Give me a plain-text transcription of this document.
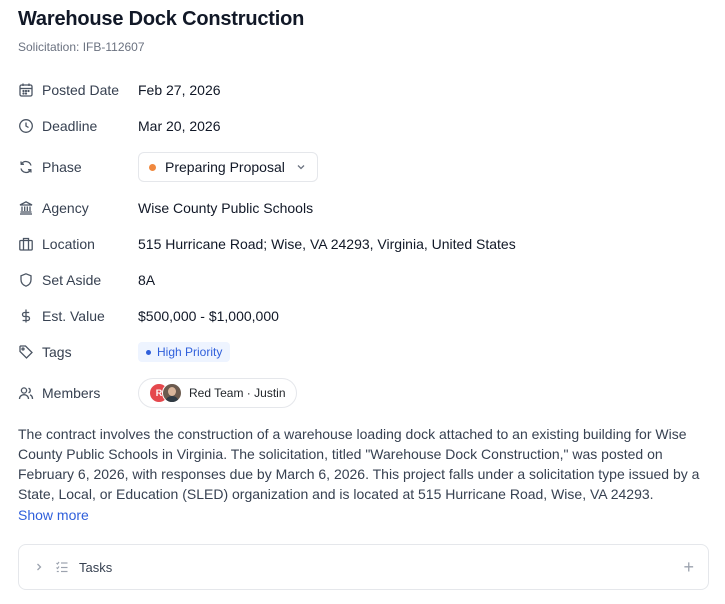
Warehouse Dock Construction
Solicitation: IFB-112607
Posted Date	Feb 27, 2026
Deadline	Mar 20, 2026
Phase	Preparing Proposal
Agency	Wise County Public Schools
Location	515 Hurricane Road; Wise, VA 24293, Virginia, United States
Set Aside	8A
Est. Value	$500,000 - $1,000,000
Tags	High Priority
Members	R	Red Team · Justin
The contract involves the construction of a warehouse loading dock attached to an existing building for Wise County Public Schools in Virginia. The solicitation, titled "Warehouse Dock Construction," was posted on February 6, 2026, with responses due by March 6, 2026. This project falls under a solicitation type issued by a State, Local, or Education (SLED) organization and is located at 515 Hurricane Road, Wise, VA 24293.
Show more
Tasks	+
